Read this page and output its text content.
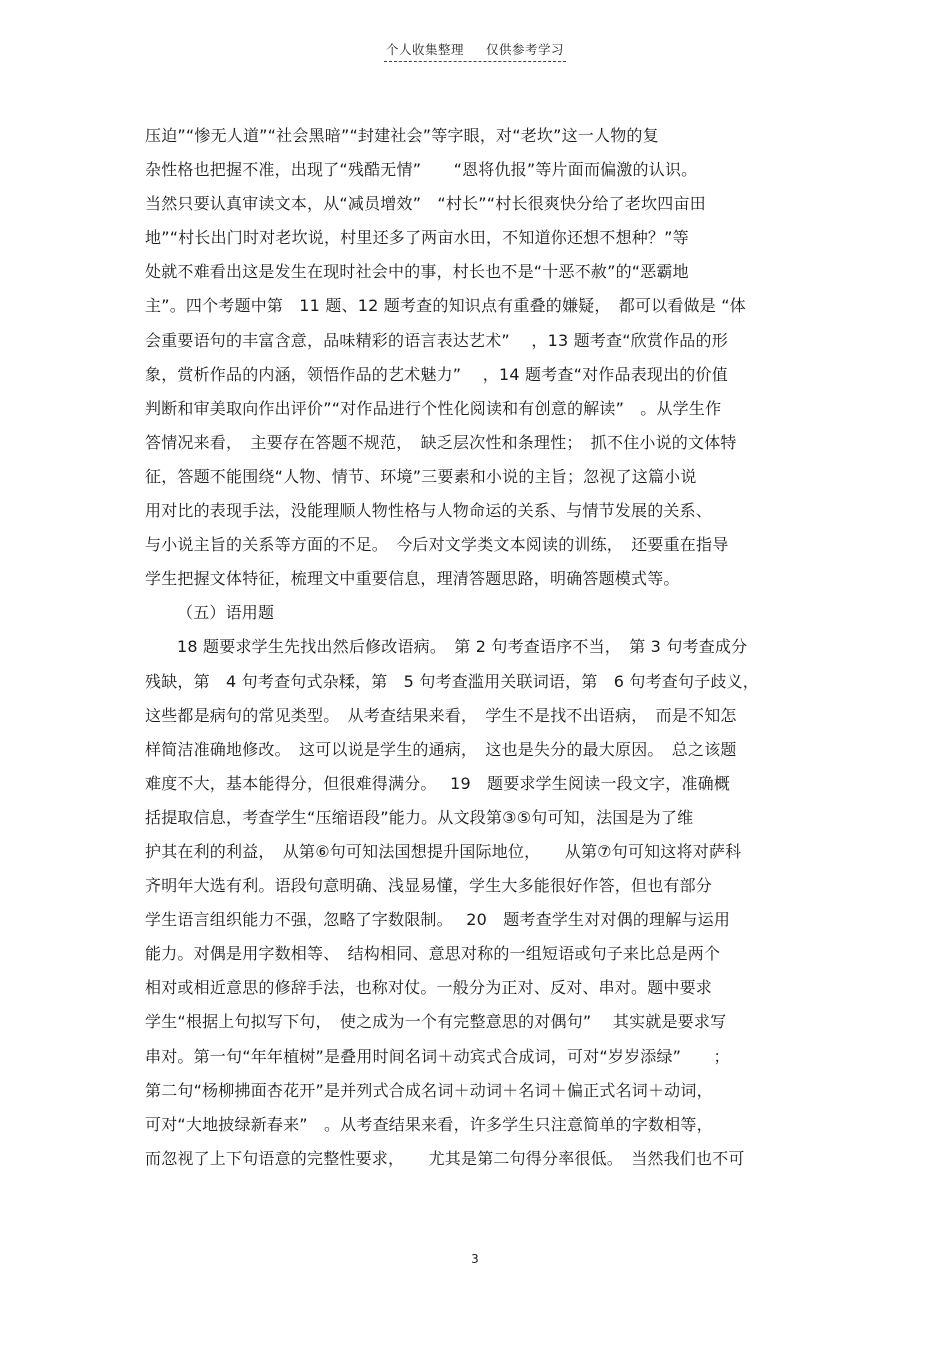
个人收集整理 仅供参考学习
压迫”“惨无人道”“社会黑暗”“封建社会”等字眼，对“老坎”这一人物的复
杂性格也把握不准，出现了“残酷无情”　　“恩将仇报”等片面而偏激的认识。
当然只要认真审读文本，从“减员增效”　“村长”“村长很爽快分给了老坎四亩田
地”“村长出门时对老坎说，村里还多了两亩水田，不知道你还想不想种？”等
处就不难看出这是发生在现时社会中的事，村长也不是“十恶不赦”的“恶霸地
主”。四个考题中第　11 题、12 题考查的知识点有重叠的嫌疑，　都可以看做是 “体
会重要语句的丰富含意，品味精彩的语言表达艺术”　 ，13 题考查“欣赏作品的形
象，赏析作品的内涵，领悟作品的艺术魅力”　 ，14 题考查“对作品表现出的价值
判断和审美取向作出评价”“对作品进行个性化阅读和有创意的解读”　。从学生作
答情况来看，　主要存在答题不规范，　缺乏层次性和条理性；　抓不住小说的文体特
征，答题不能围绕“人物、情节、环境”三要素和小说的主旨；忽视了这篇小说
用对比的表现手法，没能理顺人物性格与人物命运的关系、与情节发展的关系、
与小说主旨的关系等方面的不足。　今后对文学类文本阅读的训练，　还要重在指导
学生把握文体特征，梳理文中重要信息，理清答题思路，明确答题模式等。
（五）语用题
18 题要求学生先找出然后修改语病。　第 2 句考查语序不当，　第 3 句考查成分
残缺，第　4 句考查句式杂糅，第　5 句考查滥用关联词语，第　6 句考查句子歧义，
这些都是病句的常见类型。　从考查结果来看，　学生不是找不出语病，　而是不知怎
样简洁准确地修改。　这可以说是学生的通病，　这也是失分的最大原因。　总之该题
难度不大，基本能得分，但很难得满分。　 19　题要求学生阅读一段文字，准确概
括提取信息，考查学生“压缩语段”能力。从文段第③⑤句可知，法国是为了维
护其在利的利益，　从第⑥句可知法国想提升国际地位，　　从第⑦句可知这将对萨科
齐明年大选有利。语段句意明确、浅显易懂，学生大多能很好作答，但也有部分
学生语言组织能力不强，忽略了字数限制。　 20　题考查学生对对偶的理解与运用
能力。对偶是用字数相等、　结构相同、意思对称的一组短语或句子来比总是两个
相对或相近意思的修辞手法，也称对仗。一般分为正对、反对、串对。题中要求
学生“根据上句拟写下句，　使之成为一个有完整意思的对偶句”　 其实就是要求写
串对。第一句“年年植树”是叠用时间名词＋动宾式合成词，可对“岁岁添绿”　　；
第二句“杨柳拂面杏花开”是并列式合成名词＋动词＋名词＋偏正式名词＋动词，
可对“大地披绿新春来”　。从考查结果来看，许多学生只注意简单的字数相等，
而忽视了上下句语意的完整性要求，　　尤其是第二句得分率很低。　当然我们也不可
3
